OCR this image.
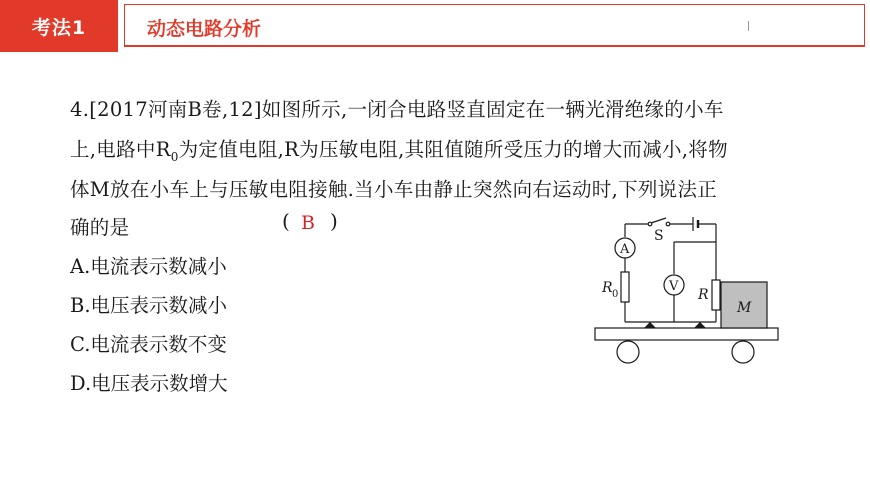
考法1	动态电路分析
4.[2017河南B卷,12]如图所示,一闭合电路竖直固定在一辆光滑绝缘的小车
上,电路中$R_0$为定值电阻,R为压敏电阻,其阻值随所受压力的增大而减小,将物
体M放在小车上与压敏电阻接触.当小车由静止突然向右运动时,下列说法正
确的是	( B )
A.电流表示数减小
B.电压表示数减小
C.电流表示数不变
D.电压表示数增大
S
A
V
R 0	R
M
